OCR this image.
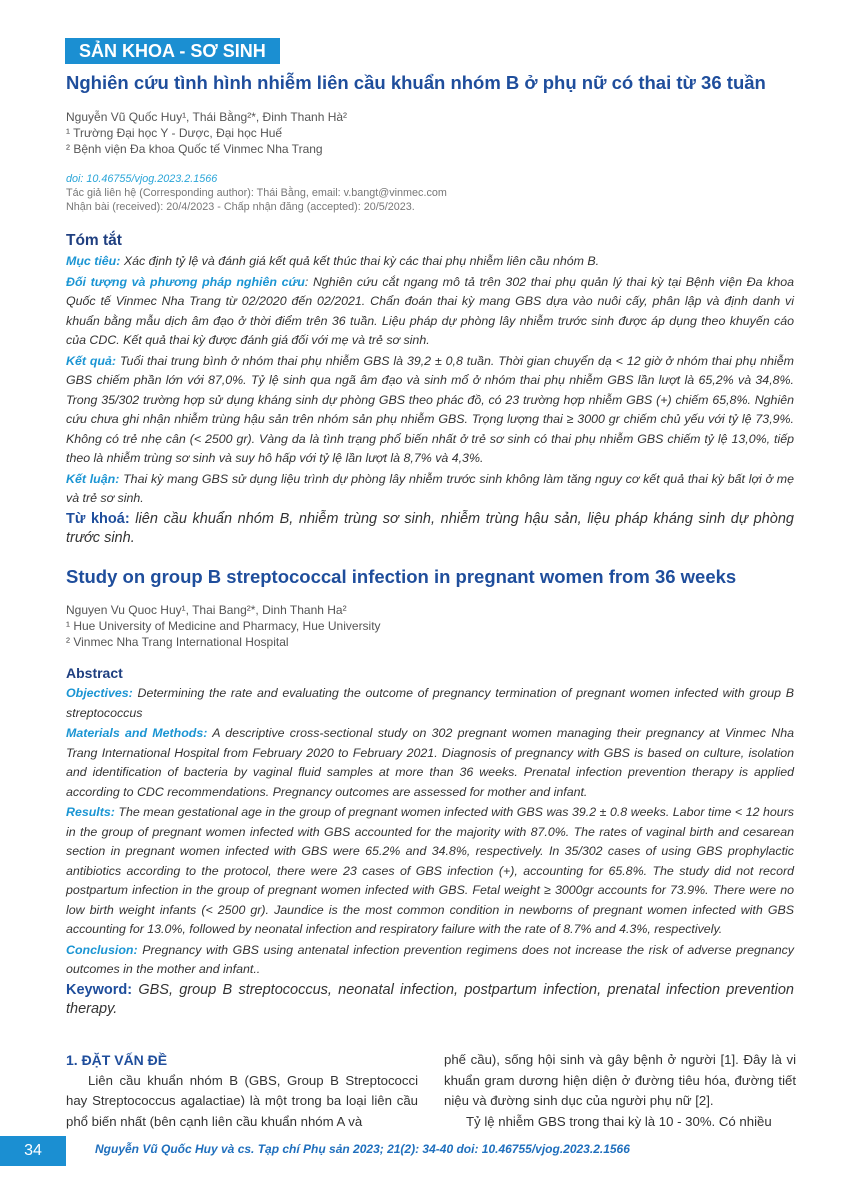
SẢN KHOA - SƠ SINH
Nghiên cứu tình hình nhiễm liên cầu khuẩn nhóm B ở phụ nữ có thai từ 36 tuần
Nguyễn Vũ Quốc Huy¹, Thái Bằng²*, Đinh Thanh Hà²
¹ Trường Đại học Y - Dược, Đại học Huế
² Bệnh viện Đa khoa Quốc tế Vinmec Nha Trang
doi: 10.46755/vjog.2023.2.1566
Tác giả liên hệ (Corresponding author): Thái Bằng, email: v.bangt@vinmec.com
Nhận bài (received): 20/4/2023 - Chấp nhận đăng (accepted): 20/5/2023.
Tóm tắt

Mục tiêu: Xác định tỷ lệ và đánh giá kết quả kết thúc thai kỳ các thai phụ nhiễm liên cầu nhóm B.

Đối tượng và phương pháp nghiên cứu: Nghiên cứu cắt ngang mô tả trên 302 thai phụ quản lý thai kỳ tại Bệnh viện Đa khoa Quốc tế Vinmec Nha Trang từ 02/2020 đến 02/2021. Chẩn đoán thai kỳ mang GBS dựa vào nuôi cấy, phân lập và định danh vi khuẩn bằng mẫu dịch âm đạo ở thời điểm trên 36 tuần. Liệu pháp dự phòng lây nhiễm trước sinh được áp dụng theo khuyến cáo của CDC. Kết quả thai kỳ được đánh giá đối với mẹ và trẻ sơ sinh.

Kết quả: Tuổi thai trung bình ở nhóm thai phụ nhiễm GBS là 39,2 ± 0,8 tuần. Thời gian chuyển dạ < 12 giờ ở nhóm thai phụ nhiễm GBS chiếm phần lớn với 87,0%. Tỷ lệ sinh qua ngã âm đạo và sinh mổ ở nhóm thai phụ nhiễm GBS lần lượt là 65,2% và 34,8%. Trong 35/302 trường hợp sử dụng kháng sinh dự phòng GBS theo phác đồ, có 23 trường hợp nhiễm GBS (+) chiếm 65,8%. Nghiên cứu chưa ghi nhận nhiễm trùng hậu sản trên nhóm sản phụ nhiễm GBS. Trọng lượng thai ≥ 3000 gr chiếm chủ yếu với tỷ lệ 73,9%. Không có trẻ nhẹ cân (< 2500 gr). Vàng da là tình trạng phổ biến nhất ở trẻ sơ sinh có thai phụ nhiễm GBS chiếm tỷ lệ 13,0%, tiếp theo là nhiễm trùng sơ sinh và suy hô hấp với tỷ lệ lần lượt là 8,7% và 4,3%.

Kết luận: Thai kỳ mang GBS sử dụng liệu trình dự phòng lây nhiễm trước sinh không làm tăng nguy cơ kết quả thai kỳ bất lợi ở mẹ và trẻ sơ sinh.

Từ khoá: liên cầu khuẩn nhóm B, nhiễm trùng sơ sinh, nhiễm trùng hậu sản, liệu pháp kháng sinh dự phòng trước sinh.
Study on group B streptococcal infection in pregnant women from 36 weeks
Nguyen Vu Quoc Huy¹, Thai Bang²*, Dinh Thanh Ha²
¹ Hue University of Medicine and Pharmacy, Hue University
² Vinmec Nha Trang International Hospital
Abstract

Objectives: Determining the rate and evaluating the outcome of pregnancy termination of pregnant women infected with group B streptococcus

Materials and Methods: A descriptive cross-sectional study on 302 pregnant women managing their pregnancy at Vinmec Nha Trang International Hospital from February 2020 to February 2021. Diagnosis of pregnancy with GBS is based on culture, isolation and identification of bacteria by vaginal fluid samples at more than 36 weeks. Prenatal infection prevention therapy is applied according to CDC recommendations. Pregnancy outcomes are assessed for mother and infant.

Results: The mean gestational age in the group of pregnant women infected with GBS was 39.2 ± 0.8 weeks. Labor time < 12 hours in the group of pregnant women infected with GBS accounted for the majority with 87.0%. The rates of vaginal birth and cesarean section in pregnant women infected with GBS were 65.2% and 34.8%, respectively. In 35/302 cases of using GBS prophylactic antibiotics according to the protocol, there were 23 cases of GBS infection (+), accounting for 65.8%. The study did not record postpartum infection in the group of pregnant women infected with GBS. Fetal weight ≥ 3000gr accounts for 73.9%. There were no low birth weight infants (< 2500 gr). Jaundice is the most common condition in newborns of pregnant women infected with GBS accounting for 13.0%, followed by neonatal infection and respiratory failure with the rate of 8.7% and 4.3%, respectively.

Conclusion: Pregnancy with GBS using antenatal infection prevention regimens does not increase the risk of adverse pregnancy outcomes in the mother and infant..

Keyword: GBS, group B streptococcus, neonatal infection, postpartum infection, prenatal infection prevention therapy.
1. ĐẶT VẤN ĐỀ

Liên cầu khuẩn nhóm B (GBS, Group B Streptococci hay Streptococcus agalactiae) là một trong ba loại liên cầu phổ biến nhất (bên cạnh liên cầu khuẩn nhóm A và

phế cầu), sống hội sinh và gây bệnh ở người [1]. Đây là vi khuẩn gram dương hiện diện ở đường tiêu hóa, đường tiết niệu và đường sinh dục của người phụ nữ [2].

Tỷ lệ nhiễm GBS trong thai kỳ là 10 - 30%. Có nhiều

34	Nguyễn Vũ Quốc Huy và cs. Tạp chí Phụ sản 2023; 21(2): 34-40 doi: 10.46755/vjog.2023.2.1566
